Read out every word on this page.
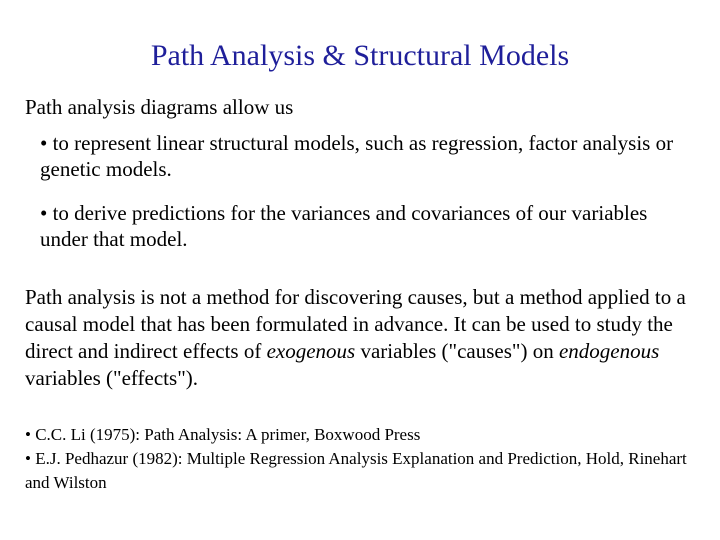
Path Analysis & Structural Models
Path analysis diagrams allow us
• to represent linear structural models, such as regression, factor analysis or genetic models.
• to derive predictions for the variances and covariances of our variables under that model.
Path analysis is not a method for discovering causes, but a method applied to a causal model that has been formulated in advance. It can be used to study the direct and indirect effects of exogenous variables ("causes") on endogenous variables ("effects").
• C.C. Li (1975): Path Analysis: A primer, Boxwood Press
• E.J. Pedhazur (1982): Multiple Regression Analysis Explanation and Prediction, Hold, Rinehart and Wilston
